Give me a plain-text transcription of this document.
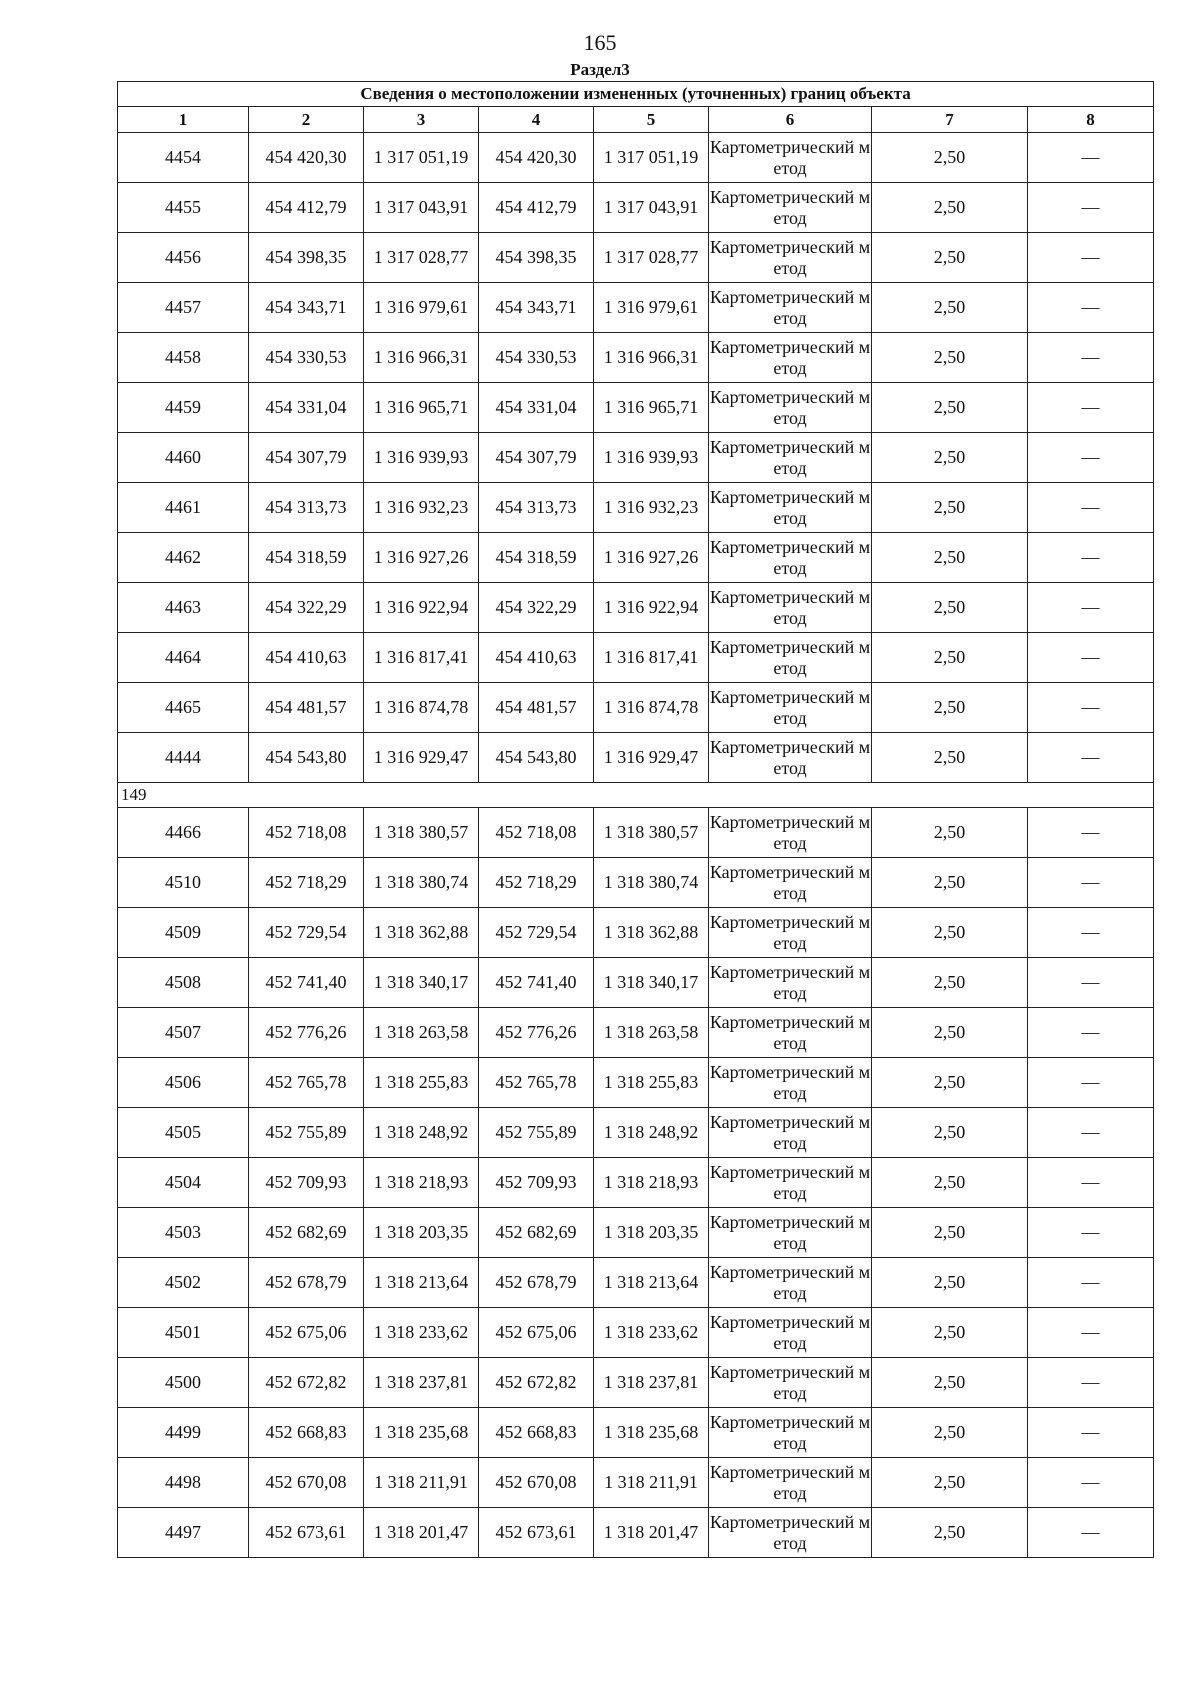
165
Раздел3
Сведения о местоположении измененных (уточненных) границ объекта							
1	2	3	4	5	6	7	8
4454	454 420,30	1 317 051,19	454 420,30	1 317 051,19	Картометрический метод	2,50	—
4455	454 412,79	1 317 043,91	454 412,79	1 317 043,91	Картометрический метод	2,50	—
4456	454 398,35	1 317 028,77	454 398,35	1 317 028,77	Картометрический метод	2,50	—
4457	454 343,71	1 316 979,61	454 343,71	1 316 979,61	Картометрический метод	2,50	—
4458	454 330,53	1 316 966,31	454 330,53	1 316 966,31	Картометрический метод	2,50	—
4459	454 331,04	1 316 965,71	454 331,04	1 316 965,71	Картометрический метод	2,50	—
4460	454 307,79	1 316 939,93	454 307,79	1 316 939,93	Картометрический метод	2,50	—
4461	454 313,73	1 316 932,23	454 313,73	1 316 932,23	Картометрический метод	2,50	—
4462	454 318,59	1 316 927,26	454 318,59	1 316 927,26	Картометрический метод	2,50	—
4463	454 322,29	1 316 922,94	454 322,29	1 316 922,94	Картометрический метод	2,50	—
4464	454 410,63	1 316 817,41	454 410,63	1 316 817,41	Картометрический метод	2,50	—
4465	454 481,57	1 316 874,78	454 481,57	1 316 874,78	Картометрический метод	2,50	—
4444	454 543,80	1 316 929,47	454 543,80	1 316 929,47	Картометрический метод	2,50	—
149							
4466	452 718,08	1 318 380,57	452 718,08	1 318 380,57	Картометрический метод	2,50	—
4510	452 718,29	1 318 380,74	452 718,29	1 318 380,74	Картометрический метод	2,50	—
4509	452 729,54	1 318 362,88	452 729,54	1 318 362,88	Картометрический метод	2,50	—
4508	452 741,40	1 318 340,17	452 741,40	1 318 340,17	Картометрический метод	2,50	—
4507	452 776,26	1 318 263,58	452 776,26	1 318 263,58	Картометрический метод	2,50	—
4506	452 765,78	1 318 255,83	452 765,78	1 318 255,83	Картометрический метод	2,50	—
4505	452 755,89	1 318 248,92	452 755,89	1 318 248,92	Картометрический метод	2,50	—
4504	452 709,93	1 318 218,93	452 709,93	1 318 218,93	Картометрический метод	2,50	—
4503	452 682,69	1 318 203,35	452 682,69	1 318 203,35	Картометрический метод	2,50	—
4502	452 678,79	1 318 213,64	452 678,79	1 318 213,64	Картометрический метод	2,50	—
4501	452 675,06	1 318 233,62	452 675,06	1 318 233,62	Картометрический метод	2,50	—
4500	452 672,82	1 318 237,81	452 672,82	1 318 237,81	Картометрический метод	2,50	—
4499	452 668,83	1 318 235,68	452 668,83	1 318 235,68	Картометрический метод	2,50	—
4498	452 670,08	1 318 211,91	452 670,08	1 318 211,91	Картометрический метод	2,50	—
4497	452 673,61	1 318 201,47	452 673,61	1 318 201,47	Картометрический метод	2,50	—
